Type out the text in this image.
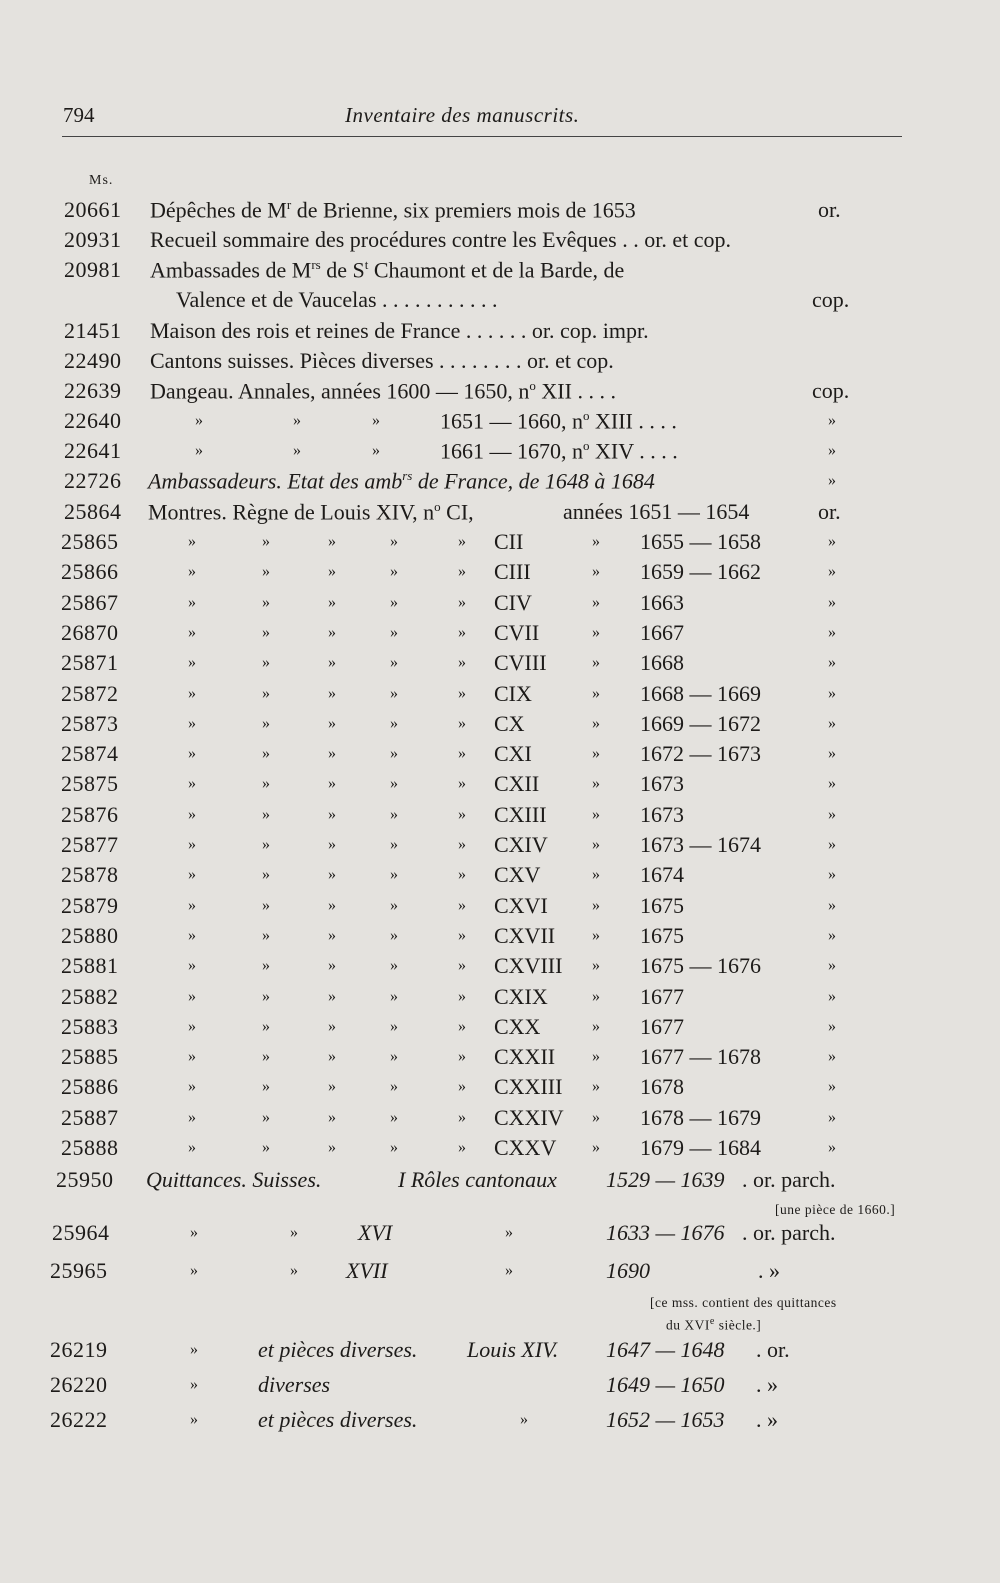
794	Inventaire des manuscrits.
Ms.
20661 Dépêches de $M^r$ de Brienne, six premiers mois de 1653	or.
20931 Recueil sommaire des procédures contre les Evêques . . or. et cop.
20981 Ambassades de $M^{rs}$ de $S^t$ Chaumont et de la Barde, de
Valence et de Vaucelas . . . . . . . . . . .	cop.
21451 Maison des rois et reines de France . . . . . . or. cop. impr.
22490 Cantons suisses. Pièces diverses . . . . . . . . or. et cop.
22639 Dangeau. Annales, années 1600 — 1650, $n^o$ XII . . . .	cop.
22640	»	»	»	1651 — 1660, $n^o$ XIII . . . .	»
22641	»	»	»	1661 — 1670, $n^o$ XIV . . . .	»
22726 Ambassadeurs. Etat des amb$^{rs}$ de France, de 1648 à 1684	»
25864 Montres. Règne de Louis XIV, $n^o$ CI,	années 1651 — 1654	or.
25865	»	»	»	»	» CII	» 1655 — 1658	»
25866	»	»	»	»	» CIII	» 1659 — 1662	»
25867	»	»	»	»	» CIV	» 1663	»
26870	»	»	»	»	» CVII	» 1667	»
25871	»	»	»	»	» CVIII	» 1668	»
25872	»	»	»	»	» CIX	» 1668 — 1669	»
25873	»	»	»	»	» CX	» 1669 — 1672	»
25874	»	»	»	»	» CXI	» 1672 — 1673	»
25875	»	»	»	»	» CXII	» 1673	»
25876	»	»	»	»	» CXIII	» 1673	»
25877	»	»	»	»	» CXIV	» 1673 — 1674	»
25878	»	»	»	»	» CXV	» 1674	»
25879	»	»	»	»	» CXVI	» 1675	»
25880	»	»	»	»	» CXVII » 1675	»
25881	»	»	»	»	» CXVIII » 1675 — 1676	»
25882	»	»	»	»	» CXIX	» 1677	»
25883	»	»	»	»	» CXX	» 1677	»
25885	»	»	»	»	» CXXII » 1677 — 1678	»
25886	»	»	»	»	» CXXIII » 1678	»
25887	»	»	»	»	» CXXIV » 1678 — 1679	»
25888	»	»	»	»	» CXXV » 1679 — 1684	»
25950 Quittances. Suisses.	I Rôles cantonaux 1529 — 1639 . or. parch.
[une pièce de 1660.]
25964	»	»	XVI	»	1633 — 1676 . or. parch.
25965	»	» XVII	»	1690	. »
[ce mss. contient des quittances
du XVIe siècle.]
26219	»	et pièces diverses. Louis XIV. 1647 — 1648 . or.
26220	»	diverses	1649 — 1650 . »
26222	»	et pièces diverses.	»	1652 — 1653 . »
